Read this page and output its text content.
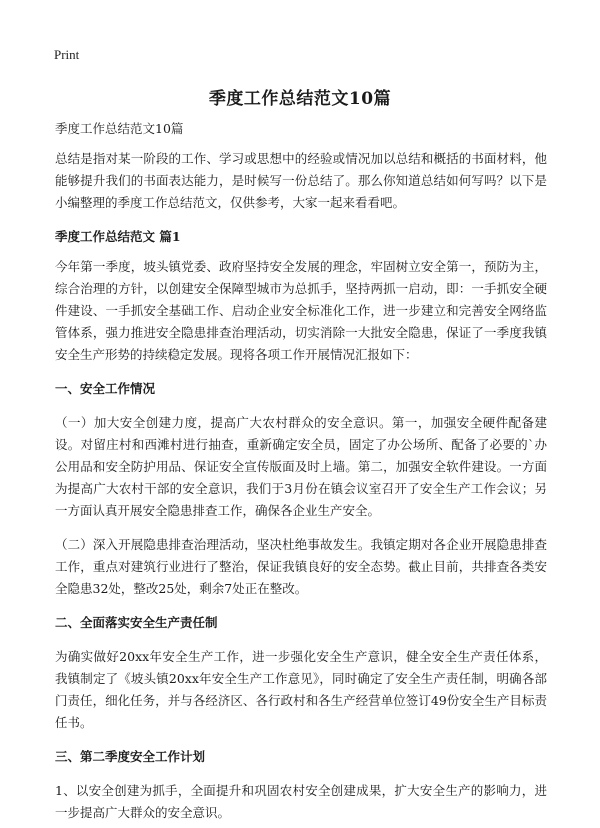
Print
季度工作总结范文10篇

季度工作总结范文10篇

总结是指对某一阶段的工作、学习或思想中的经验或情况加以总结和概括的书面材料，他能够提升我们的书面表达能力，是时候写一份总结了。那么你知道总结如何写吗？以下是小编整理的季度工作总结范文，仅供参考，大家一起来看看吧。

季度工作总结范文 篇1

今年第一季度，坡头镇党委、政府坚持安全发展的理念，牢固树立安全第一，预防为主，综合治理的方针，以创建安全保障型城市为总抓手，坚持两抓一启动，即：一手抓安全硬件建设、一手抓安全基础工作、启动企业安全标准化工作，进一步建立和完善安全网络监管体系，强力推进安全隐患排查治理活动，切实消除一大批安全隐患，保证了一季度我镇安全生产形势的持续稳定发展。现将各项工作开展情况汇报如下：

一、安全工作情况

（一）加大安全创建力度，提高广大农村群众的安全意识。第一，加强安全硬件配备建设。对留庄村和西滩村进行抽查，重新确定安全员，固定了办公场所、配备了必要的`办公用品和安全防护用品、保证安全宣传版面及时上墙。第二，加强安全软件建设。一方面为提高广大农村干部的安全意识，我们于3月份在镇会议室召开了安全生产工作会议；另一方面认真开展安全隐患排查工作，确保各企业生产安全。

（二）深入开展隐患排查治理活动，坚决杜绝事故发生。我镇定期对各企业开展隐患排查工作，重点对建筑行业进行了整治，保证我镇良好的安全态势。截止目前，共排查各类安全隐患32处，整改25处，剩余7处正在整改。

二、全面落实安全生产责任制

为确实做好20xx年安全生产工作，进一步强化安全生产意识，健全安全生产责任体系，我镇制定了《坡头镇20xx年安全生产工作意见》，同时确定了安全生产责任制，明确各部门责任，细化任务，并与各经济区、各行政村和各生产经营单位签订49份安全生产目标责任书。

三、第二季度安全工作计划

1、以安全创建为抓手，全面提升和巩固农村安全创建成果，扩大安全生产的影响力，进一步提高广大群众的安全意识。
